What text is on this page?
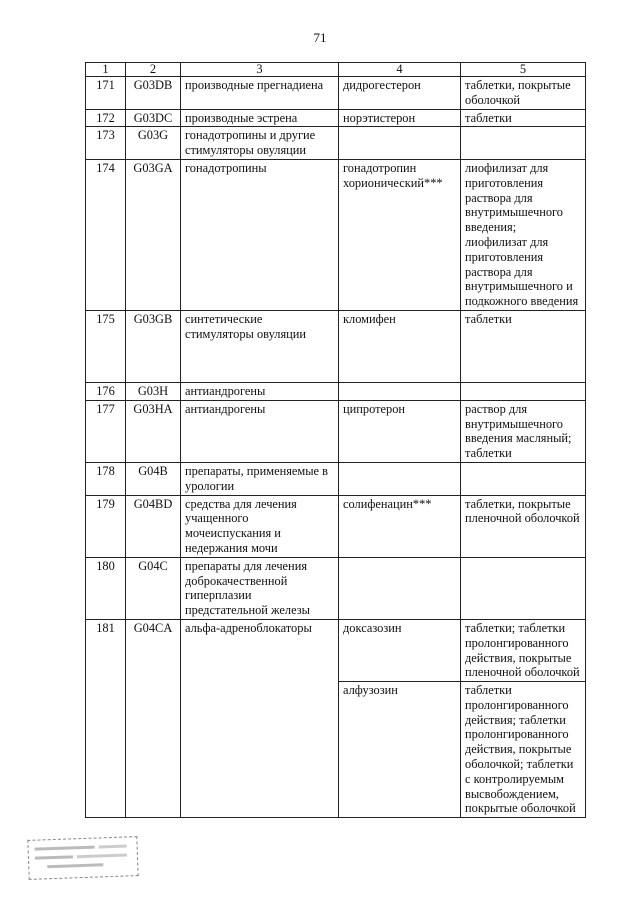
71
1	2	3	4	5
171	G03DB	производные прегнадиена	дидрогестерон	таблетки, покрытые оболочкой
172	G03DC	производные эстрена	норэтистерон	таблетки
173	G03G	гонадотропины и другие стимуляторы овуляции		
174	G03GA	гонадотропины	гонадотропин хорионический***	лиофилизат для приготовления раствора для внутримышечного введения; лиофилизат для приготовления раствора для внутримышечного и подкожного введения
175	G03GB	синтетические стимуляторы овуляции	кломифен	таблетки
176	G03H	антиандрогены		
177	G03HA	антиандрогены	ципротерон	раствор для внутримышечного введения масляный; таблетки
178	G04B	препараты, применяемые в урологии		
179	G04BD	средства для лечения учащенного мочеиспускания и недержания мочи	солифенацин***	таблетки, покрытые пленочной оболочкой
180	G04C	препараты для лечения доброкачественной гиперплазии предстательной железы		
181	G04CA	альфа-адреноблокаторы	доксазозин	таблетки; таблетки пролонгированного действия, покрытые пленочной оболочкой
			алфузозин	таблетки пролонгированного действия; таблетки пролонгированного действия, покрытые оболочкой; таблетки с контролируемым высвобождением, покрытые оболочкой
